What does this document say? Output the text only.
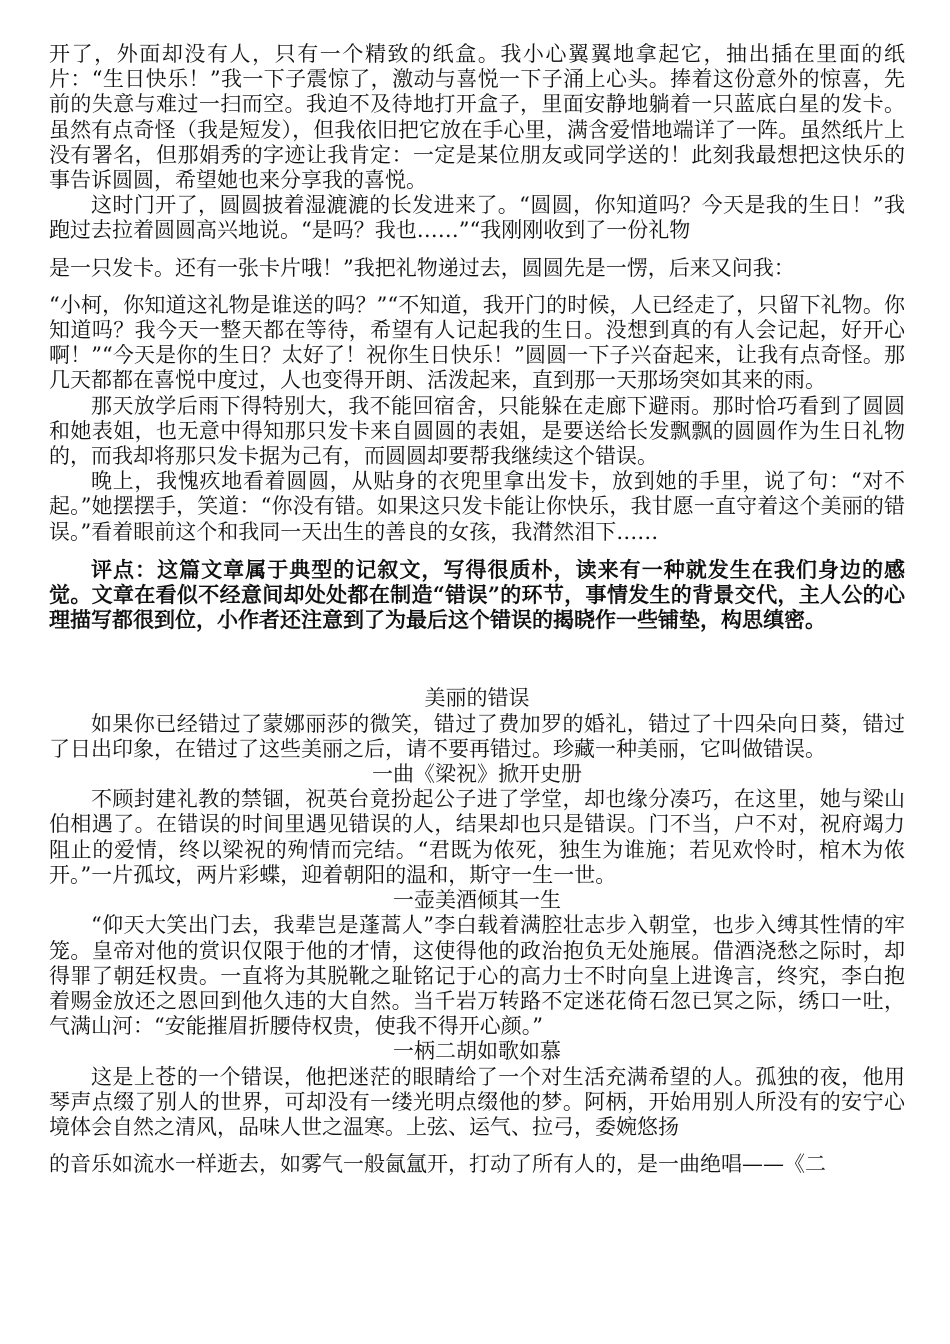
开了，外面却没有人，只有一个精致的纸盒。我小心翼翼地拿起它，抽出插在里面的纸片：“生日快乐！”我一下子震惊了，激动与喜悦一下子涌上心头。捧着这份意外的惊喜，先前的失意与难过一扫而空。我迫不及待地打开盒子，里面安静地躺着一只蓝底白星的发卡。虽然有点奇怪（我是短发），但我依旧把它放在手心里，满含爱惜地端详了一阵。虽然纸片上没有署名，但那娟秀的字迹让我肯定：一定是某位朋友或同学送的！此刻我最想把这快乐的事告诉圆圆，希望她也来分享我的喜悦。

这时门开了，圆圆披着湿漉漉的长发进来了。“圆圆，你知道吗？今天是我的生日！”我跑过去拉着圆圆高兴地说。“是吗？我也……”“我刚刚收到了一份礼物

是一只发卡。还有一张卡片哦！”我把礼物递过去，圆圆先是一愣，后来又问我：

“小柯，你知道这礼物是谁送的吗？”“不知道，我开门的时候，人已经走了，只留下礼物。你知道吗？我今天一整天都在等待，希望有人记起我的生日。没想到真的有人会记起，好开心啊！”“今天是你的生日？太好了！祝你生日快乐！”圆圆一下子兴奋起来，让我有点奇怪。那几天都都在喜悦中度过，人也变得开朗、活泼起来，直到那一天那场突如其来的雨。

那天放学后雨下得特别大，我不能回宿舍，只能躲在走廊下避雨。那时恰巧看到了圆圆和她表姐，也无意中得知那只发卡来自圆圆的表姐，是要送给长发飘飘的圆圆作为生日礼物的，而我却将那只发卡据为己有，而圆圆却要帮我继续这个错误。

晚上，我愧疚地看着圆圆，从贴身的衣兜里拿出发卡，放到她的手里，说了句：“对不起。”她摆摆手，笑道：“你没有错。如果这只发卡能让你快乐，我甘愿一直守着这个美丽的错误。”看着眼前这个和我同一天出生的善良的女孩，我潸然泪下……

评点：这篇文章属于典型的记叙文，写得很质朴，读来有一种就发生在我们身边的感觉。文章在看似不经意间却处处都在制造“错误”的环节，事情发生的背景交代，主人公的心理描写都很到位，小作者还注意到了为最后这个错误的揭晓作一些铺垫，构思缜密。

美丽的错误

如果你已经错过了蒙娜丽莎的微笑，错过了费加罗的婚礼，错过了十四朵向日葵，错过了日出印象，在错过了这些美丽之后，请不要再错过。珍藏一种美丽，它叫做错误。

一曲《梁祝》掀开史册

不顾封建礼教的禁锢，祝英台竟扮起公子进了学堂，却也缘分凑巧，在这里，她与梁山伯相遇了。在错误的时间里遇见错误的人，结果却也只是错误。门不当，户不对，祝府竭力阻止的爱情，终以梁祝的殉情而完结。“君既为侬死，独生为谁施；若见欢怜时，棺木为侬开。”一片孤坟，两片彩蝶，迎着朝阳的温和，斯守一生一世。

一壶美酒倾其一生

“仰天大笑出门去，我辈岂是蓬蒿人”李白载着满腔壮志步入朝堂，也步入缚其性情的牢笼。皇帝对他的赏识仅限于他的才情，这使得他的政治抱负无处施展。借酒浇愁之际时，却得罪了朝廷权贵。一直将为其脱靴之耻铭记于心的高力士不时向皇上进谗言，终究，李白抱着赐金放还之恩回到他久违的大自然。当千岩万转路不定迷花倚石忽已冥之际，绣口一吐，气满山河：“安能摧眉折腰侍权贵，使我不得开心颜。”

一柄二胡如歌如慕

这是上苍的一个错误，他把迷茫的眼睛给了一个对生活充满希望的人。孤独的夜，他用琴声点缀了别人的世界，可却没有一缕光明点缀他的梦。阿柄，开始用别人所没有的安宁心境体会自然之清风，品味人世之温寒。上弦、运气、拉弓，委婉悠扬

的音乐如流水一样逝去，如雾气一般氤氲开，打动了所有人的，是一曲绝唱——《二
